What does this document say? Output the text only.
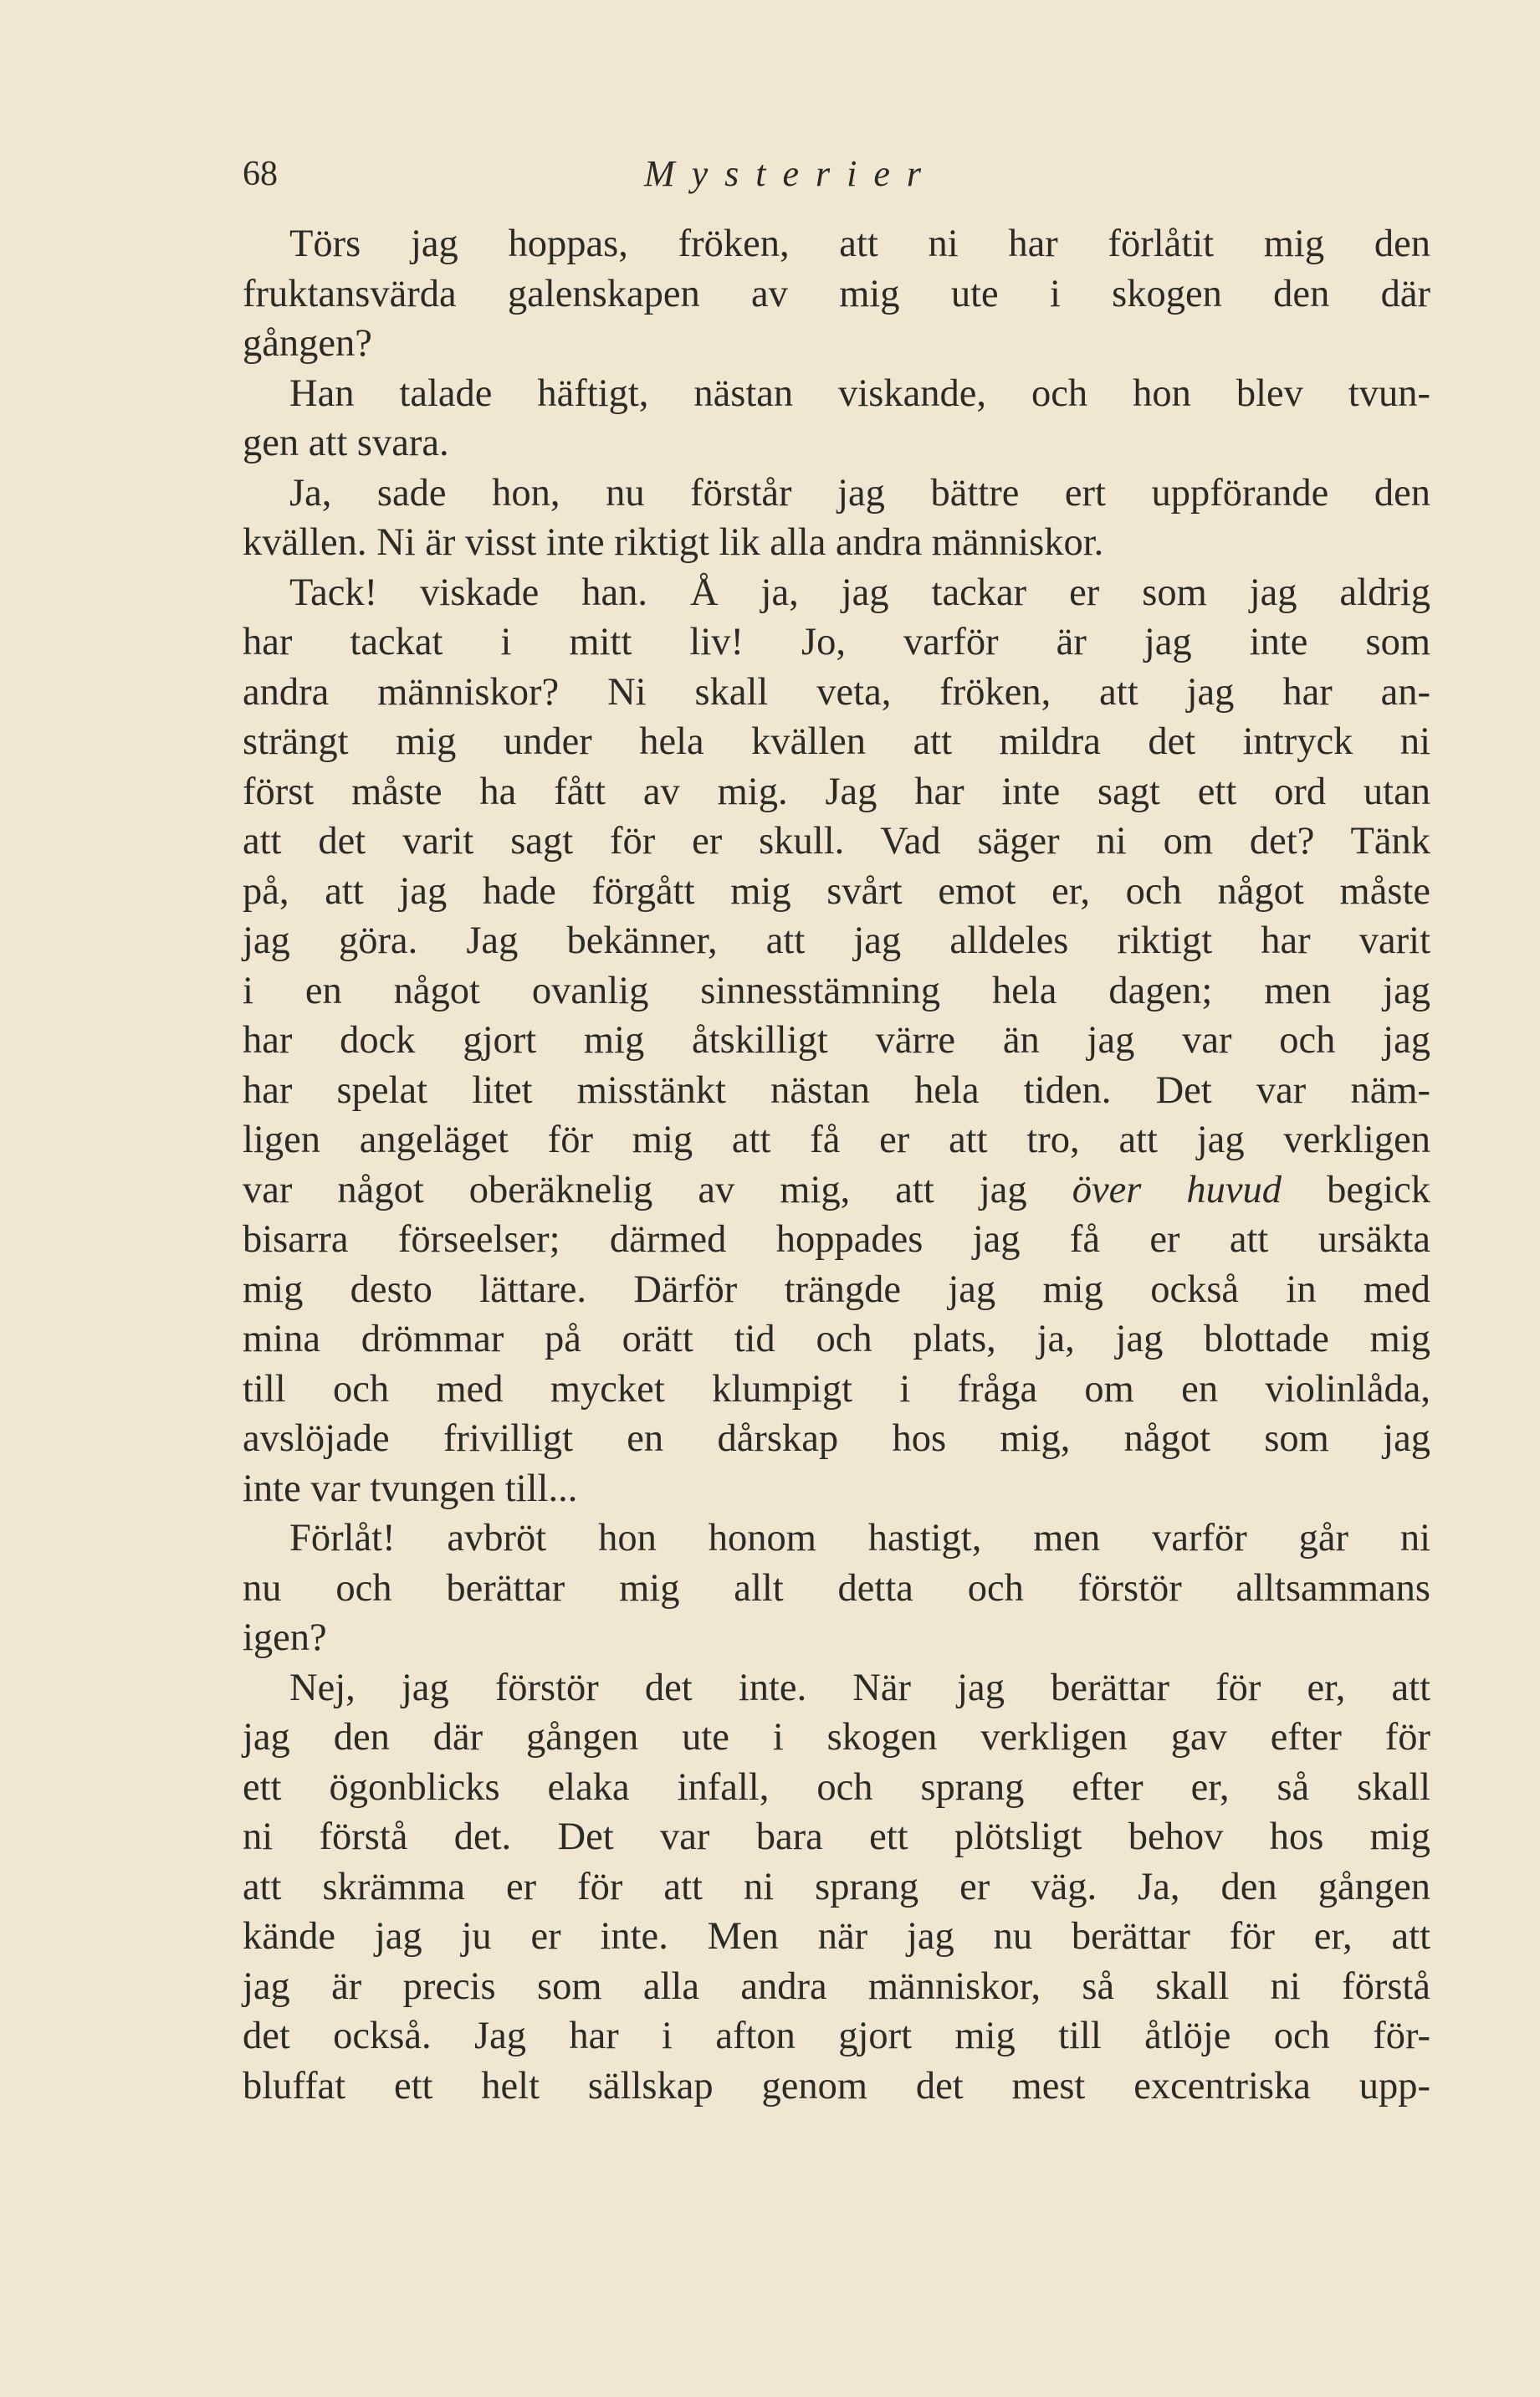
68	Mysterier
Törs jag hoppas, fröken, att ni har förlåtit mig den
fruktansvärda galenskapen av mig ute i skogen den där
gången?
Han talade häftigt, nästan viskande, och hon blev tvun-
gen att svara.
Ja, sade hon, nu förstår jag bättre ert uppförande den
kvällen. Ni är visst inte riktigt lik alla andra människor.
Tack! viskade han. Å ja, jag tackar er som jag aldrig
har tackat i mitt liv! Jo, varför är jag inte som
andra människor? Ni skall veta, fröken, att jag har an-
strängt mig under hela kvällen att mildra det intryck ni
först måste ha fått av mig. Jag har inte sagt ett ord utan
att det varit sagt för er skull. Vad säger ni om det? Tänk
på, att jag hade förgått mig svårt emot er, och något måste
jag göra. Jag bekänner, att jag alldeles riktigt har varit
i en något ovanlig sinnesstämning hela dagen; men jag
har dock gjort mig åtskilligt värre än jag var och jag
har spelat litet misstänkt nästan hela tiden. Det var näm-
ligen angeläget för mig att få er att tro, att jag verkligen
var något oberäknelig av mig, att jag över huvud begick
bisarra förseelser; därmed hoppades jag få er att ursäkta
mig desto lättare. Därför trängde jag mig också in med
mina drömmar på orätt tid och plats, ja, jag blottade mig
till och med mycket klumpigt i fråga om en violinlåda,
avslöjade frivilligt en dårskap hos mig, något som jag
inte var tvungen till...
Förlåt! avbröt hon honom hastigt, men varför går ni
nu och berättar mig allt detta och förstör alltsammans
igen?
Nej, jag förstör det inte. När jag berättar för er, att
jag den där gången ute i skogen verkligen gav efter för
ett ögonblicks elaka infall, och sprang efter er, så skall
ni förstå det. Det var bara ett plötsligt behov hos mig
att skrämma er för att ni sprang er väg. Ja, den gången
kände jag ju er inte. Men när jag nu berättar för er, att
jag är precis som alla andra människor, så skall ni förstå
det också. Jag har i afton gjort mig till åtlöje och för-
bluffat ett helt sällskap genom det mest excentriska upp-
